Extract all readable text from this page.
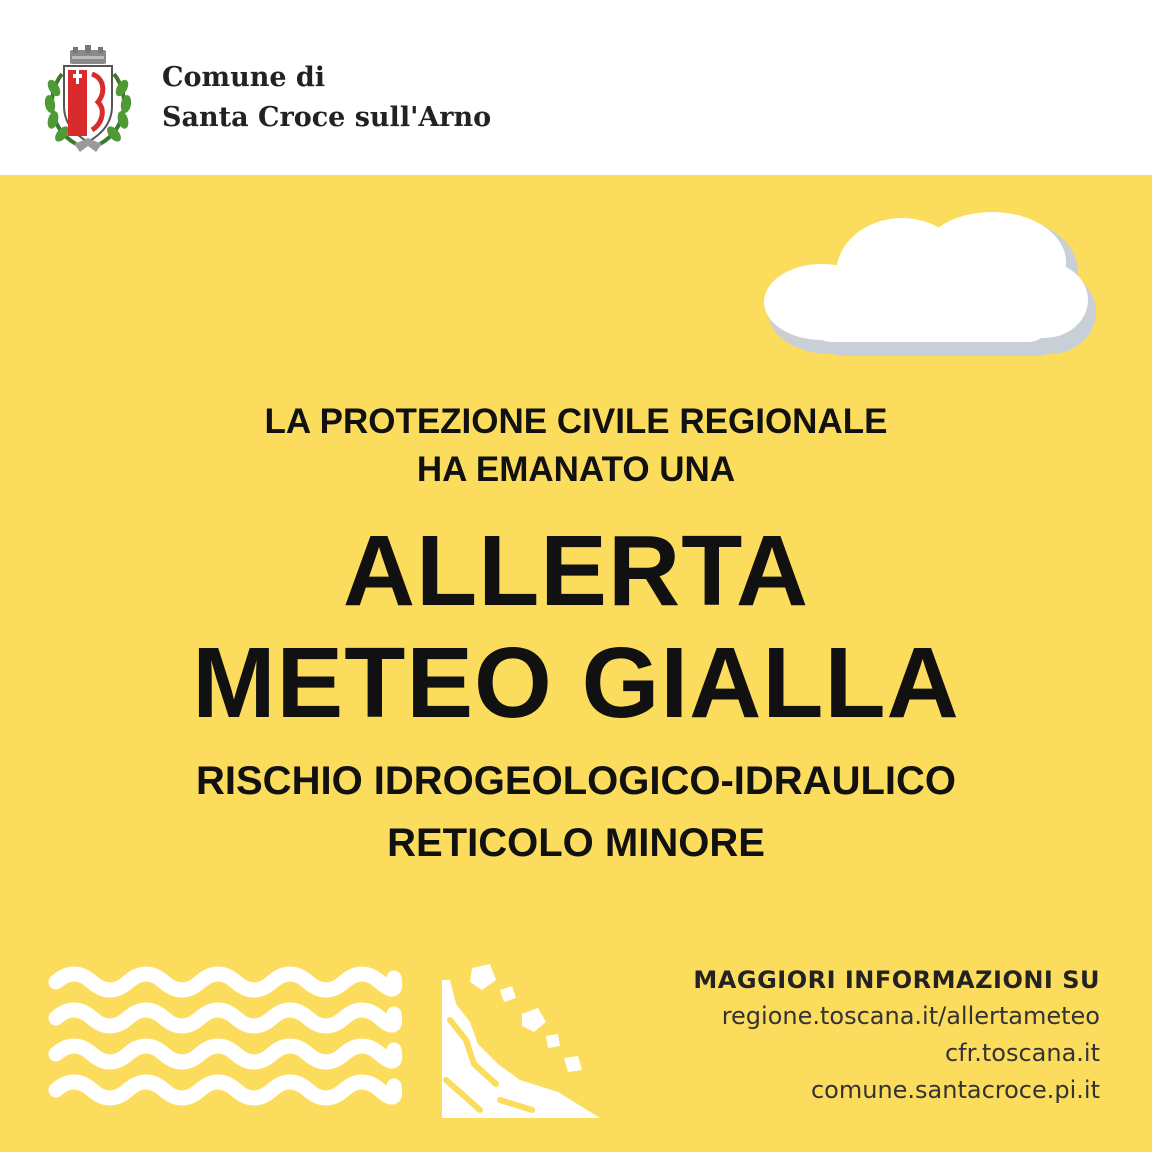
Comune di
Santa Croce sull'Arno
LA PROTEZIONE CIVILE REGIONALE
HA EMANATO UNA
ALLERTA
METEO GIALLA
RISCHIO IDROGEOLOGICO-IDRAULICO
RETICOLO MINORE
MAGGIORI INFORMAZIONI SU
regione.toscana.it/allertameteo
cfr.toscana.it
comune.santacroce.pi.it
